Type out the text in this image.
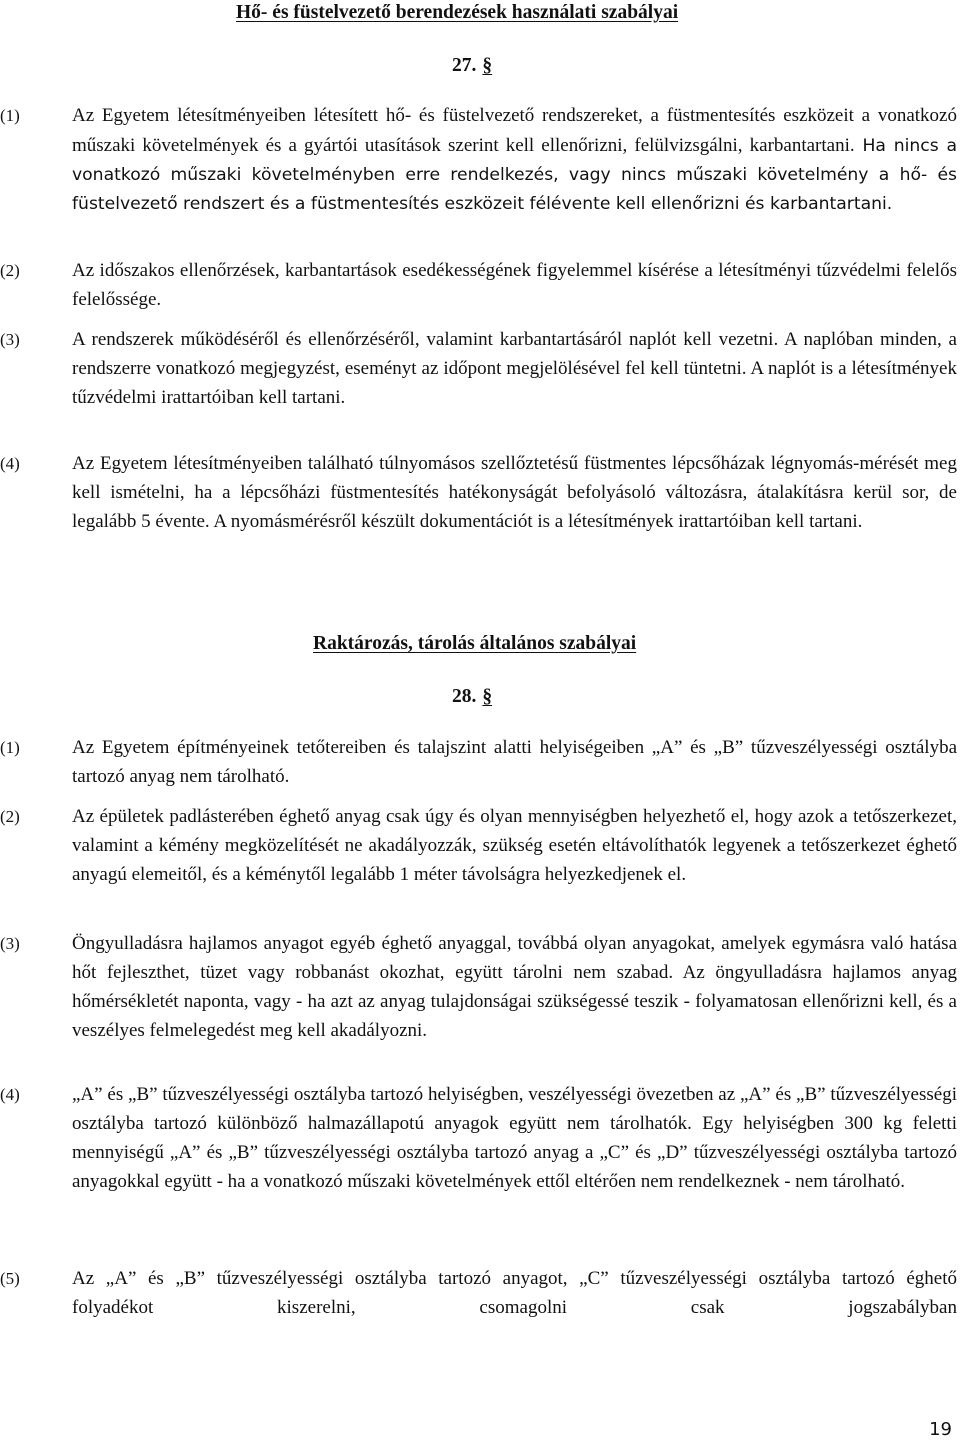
Hő- és füstelvezető berendezések használati szabályai
27. §
(1)	Az Egyetem létesítményeiben létesített hő- és füstelvezető rendszereket, a füstmentesítés eszközeit a vonatkozó műszaki követelmények és a gyártói utasítások szerint kell ellenőrizni, felülvizsgálni, karbantartani. Ha nincs a vonatkozó műszaki követelményben erre rendelkezés, vagy nincs műszaki követelmény a hő- és füstelvezető rendszert és a füstmentesítés eszközeit félévente kell ellenőrizni és karbantartani.
(2)	Az időszakos ellenőrzések, karbantartások esedékességének figyelemmel kísérése a létesítményi tűzvédelmi felelős felelőssége.
(3)	A rendszerek működéséről és ellenőrzéséről, valamint karbantartásáról naplót kell vezetni. A naplóban minden, a rendszerre vonatkozó megjegyzést, eseményt az időpont megjelölésével fel kell tüntetni. A naplót is a létesítmények tűzvédelmi irattartóiban kell tartani.
(4)	Az Egyetem létesítményeiben található túlnyomásos szellőztetésű füstmentes lépcsőházak légnyomás-mérését meg kell ismételni, ha a lépcsőházi füstmentesítés hatékonyságát befolyásoló változásra, átalakításra kerül sor, de legalább 5 évente. A nyomásmérésről készült dokumentációt is a létesítmények irattartóiban kell tartani.
Raktározás, tárolás általános szabályai
28. §
(1)	Az Egyetem építményeinek tetőtereiben és talajszint alatti helyiségeiben „A” és „B” tűzveszélyességi osztályba tartozó anyag nem tárolható.
(2)	Az épületek padlásterében éghető anyag csak úgy és olyan mennyiségben helyezhető el, hogy azok a tetőszerkezet, valamint a kémény megközelítését ne akadályozzák, szükség esetén eltávolíthatók legyenek a tetőszerkezet éghető anyagú elemeitől, és a kéménytől legalább 1 méter távolságra helyezkedjenek el.
(3)	Öngyulladásra hajlamos anyagot egyéb éghető anyaggal, továbbá olyan anyagokat, amelyek egymásra való hatása hőt fejleszthet, tüzet vagy robbanást okozhat, együtt tárolni nem szabad. Az öngyulladásra hajlamos anyag hőmérsékletét naponta, vagy - ha azt az anyag tulajdonságai szükségessé teszik - folyamatosan ellenőrizni kell, és a veszélyes felmelegedést meg kell akadályozni.
(4)	„A” és „B” tűzveszélyességi osztályba tartozó helyiségben, veszélyességi övezetben az „A” és „B” tűzveszélyességi osztályba tartozó különböző halmazállapotú anyagok együtt nem tárolhatók. Egy helyiségben 300 kg feletti mennyiségű „A” és „B” tűzveszélyességi osztályba tartozó anyag a „C” és „D” tűzveszélyességi osztályba tartozó anyagokkal együtt - ha a vonatkozó műszaki követelmények ettől eltérően nem rendelkeznek - nem tárolható.
(5)	Az „A” és „B” tűzveszélyességi osztályba tartozó anyagot, „C” tűzveszélyességi osztályba tartozó éghető folyadékot kiszerelni, csomagolni csak jogszabályban
19
